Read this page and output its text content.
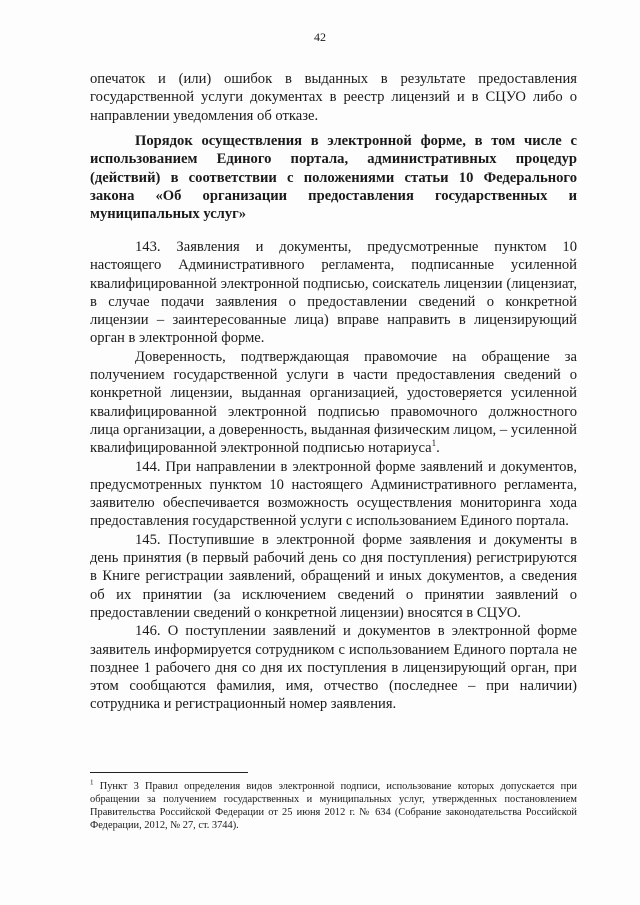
42
опечаток и (или) ошибок в выданных в результате предоставления государственной услуги документах в реестр лицензий и в СЦУО либо о направлении уведомления об отказе.
Порядок осуществления в электронной форме, в том числе с использованием Единого портала, административных процедур (действий) в соответствии с положениями статьи 10 Федерального закона «Об организации предоставления государственных и муниципальных услуг»

143. Заявления и документы, предусмотренные пунктом 10 настоящего Административного регламента, подписанные усиленной квалифицированной электронной подписью, соискатель лицензии (лицензиат, в случае подачи заявления о предоставлении сведений о конкретной лицензии – заинтересованные лица) вправе направить в лицензирующий орган в электронной форме.

Доверенность, подтверждающая правомочие на обращение за получением государственной услуги в части предоставления сведений о конкретной лицензии, выданная организацией, удостоверяется усиленной квалифицированной электронной подписью правомочного должностного лица организации, а доверенность, выданная физическим лицом, – усиленной квалифицированной электронной подписью нотариуса$^1$.

144. При направлении в электронной форме заявлений и документов, предусмотренных пунктом 10 настоящего Административного регламента, заявителю обеспечивается возможность осуществления мониторинга хода предоставления государственной услуги с использованием Единого портала.

145. Поступившие в электронной форме заявления и документы в день принятия (в первый рабочий день со дня поступления) регистрируются в Книге регистрации заявлений, обращений и иных документов, а сведения об их принятии (за исключением сведений о принятии заявлений о предоставлении сведений о конкретной лицензии) вносятся в СЦУО.

146. О поступлении заявлений и документов в электронной форме заявитель информируется сотрудником с использованием Единого портала не позднее 1 рабочего дня со дня их поступления в лицензирующий орган, при этом сообщаются фамилия, имя, отчество (последнее – при наличии) сотрудника и регистрационный номер заявления.

$^1$ Пункт 3 Правил определения видов электронной подписи, использование которых допускается при обращении за получением государственных и муниципальных услуг, утвержденных постановлением Правительства Российской Федерации от 25 июня 2012 г. № 634 (Собрание законодательства Российской Федерации, 2012, № 27, ст. 3744).
